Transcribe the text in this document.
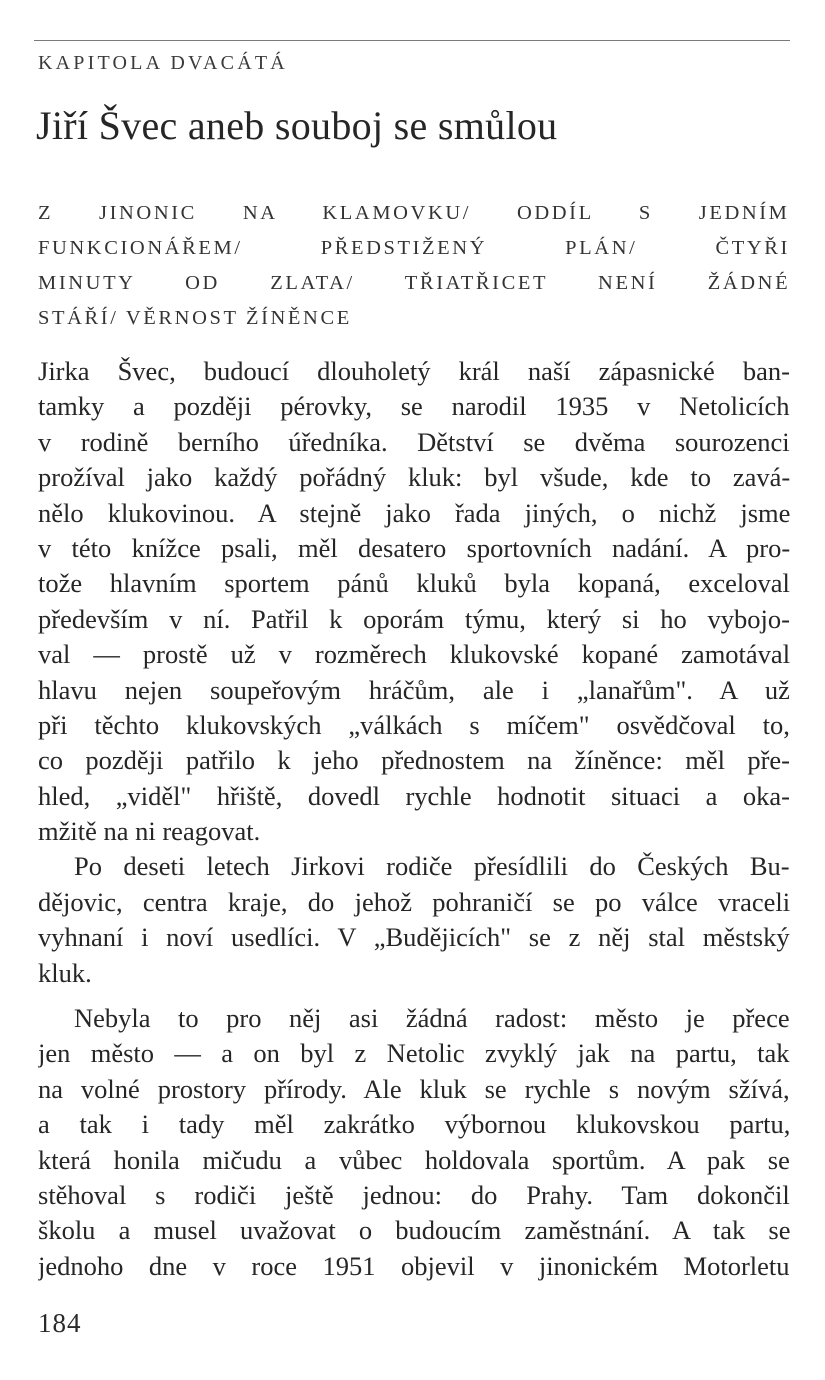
KAPITOLA DVACÁTÁ
Jiří Švec aneb souboj se smůlou
Z JINONIC NA KLAMOVKU/ ODDÍL S JEDNÍM
FUNKCIONÁŘEM/ PŘEDSTIŽENÝ PLÁN/ ČTYŘI
MINUTY OD ZLATA/ TŘIATŘICET NENÍ ŽÁDNÉ
STÁŘÍ/ VĚRNOST ŽÍNĚNCE
Jirka Švec, budoucí dlouholetý král naší zápasnické ban-
tamky a později pérovky, se narodil 1935 v Netolicích
v rodině berního úředníka. Dětství se dvěma sourozenci
prožíval jako každý pořádný kluk: byl všude, kde to zavá-
nělo klukovinou. A stejně jako řada jiných, o nichž jsme
v této knížce psali, měl desatero sportovních nadání. A pro-
tože hlavním sportem pánů kluků byla kopaná, exceloval
především v ní. Patřil k oporám týmu, který si ho vybojo-
val — prostě už v rozměrech klukovské kopané zamotával
hlavu nejen soupeřovým hráčům, ale i „lanařům". A už
při těchto klukovských „válkách s míčem" osvědčoval to,
co později patřilo k jeho přednostem na žíněnce: měl pře-
hled, „viděl" hřiště, dovedl rychle hodnotit situaci a oka-
mžitě na ni reagovat.
Po deseti letech Jirkovi rodiče přesídlili do Českých Bu-
dějovic, centra kraje, do jehož pohraničí se po válce vraceli
vyhnaní i noví usedlíci. V „Budějicích" se z něj stal městský
kluk.
Nebyla to pro něj asi žádná radost: město je přece
jen město — a on byl z Netolic zvyklý jak na partu, tak
na volné prostory přírody. Ale kluk se rychle s novým sžívá,
a tak i tady měl zakrátko výbornou klukovskou partu,
která honila mičudu a vůbec holdovala sportům. A pak se
stěhoval s rodiči ještě jednou: do Prahy. Tam dokončil
školu a musel uvažovat o budoucím zaměstnání. A tak se
jednoho dne v roce 1951 objevil v jinonickém Motorletu
184
